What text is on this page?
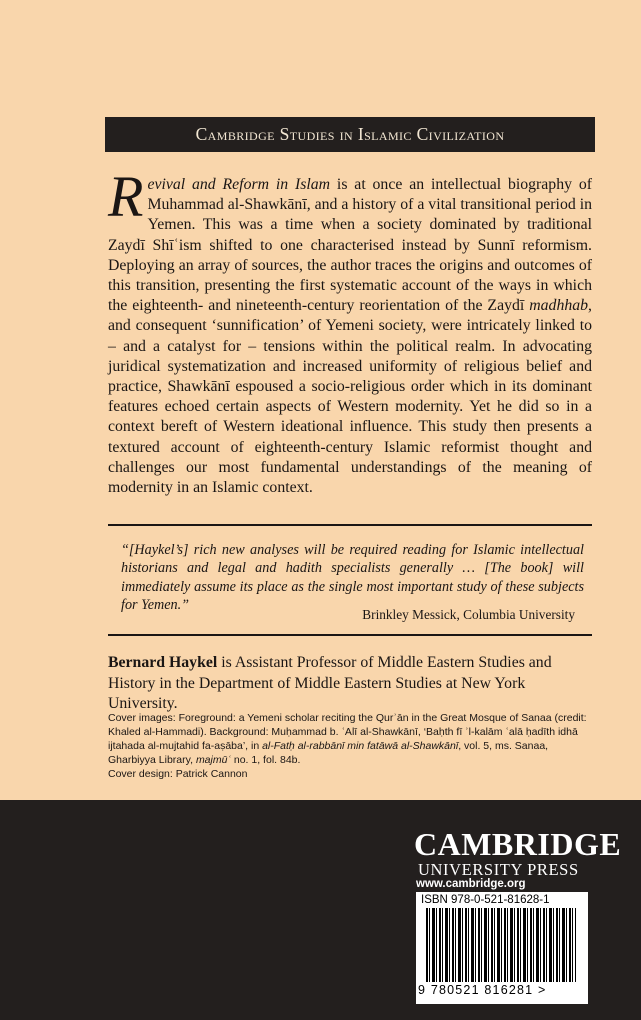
Cambridge Studies in Islamic Civilization
Revival and Reform in Islam is at once an intellectual biography of Muhammad al-Shawkānī, and a history of a vital transitional period in Yemen. This was a time when a society dominated by traditional Zaydī Shīʿism shifted to one characterised instead by Sunnī reformism. Deploying an array of sources, the author traces the origins and outcomes of this transition, presenting the first systematic account of the ways in which the eighteenth- and nineteenth-century reorientation of the Zaydī madhhab, and consequent ‘sunnification’ of Yemeni society, were intricately linked to – and a catalyst for – tensions within the political realm. In advocating juridical systematization and increased uniformity of religious belief and practice, Shawkānī espoused a socio-religious order which in its dominant features echoed certain aspects of Western modernity. Yet he did so in a context bereft of Western ideational influence. This study then presents a textured account of eighteenth-century Islamic reformist thought and challenges our most fundamental understandings of the meaning of modernity in an Islamic context.
“[Haykel’s] rich new analyses will be required reading for Islamic intellectual historians and legal and hadith specialists generally … [The book] will immediately assume its place as the single most important study of these subjects for Yemen.”
Brinkley Messick, Columbia University
Bernard Haykel is Assistant Professor of Middle Eastern Studies and History in the Department of Middle Eastern Studies at New York University.
Cover images: Foreground: a Yemeni scholar reciting the Qurʾān in the Great Mosque of Sanaa (credit: Khaled al-Hammadi). Background: Muḥammad b. ʿAlī al-Shawkānī, ‘Baḥth fī ʾl-kalām ʿalā ḥadīth idhā ijtahada al-mujtahid fa-aṣāba’, in al-Fatḥ al-rabbānī min fatāwā al-Shawkānī, vol. 5, ms. Sanaa, Gharbiyya Library, majmūʿ no. 1, fol. 84b.
Cover design: Patrick Cannon
CAMBRIDGE
UNIVERSITY PRESS
www.cambridge.org
ISBN 978-0-521-81628-1
9 780521 816281 >
